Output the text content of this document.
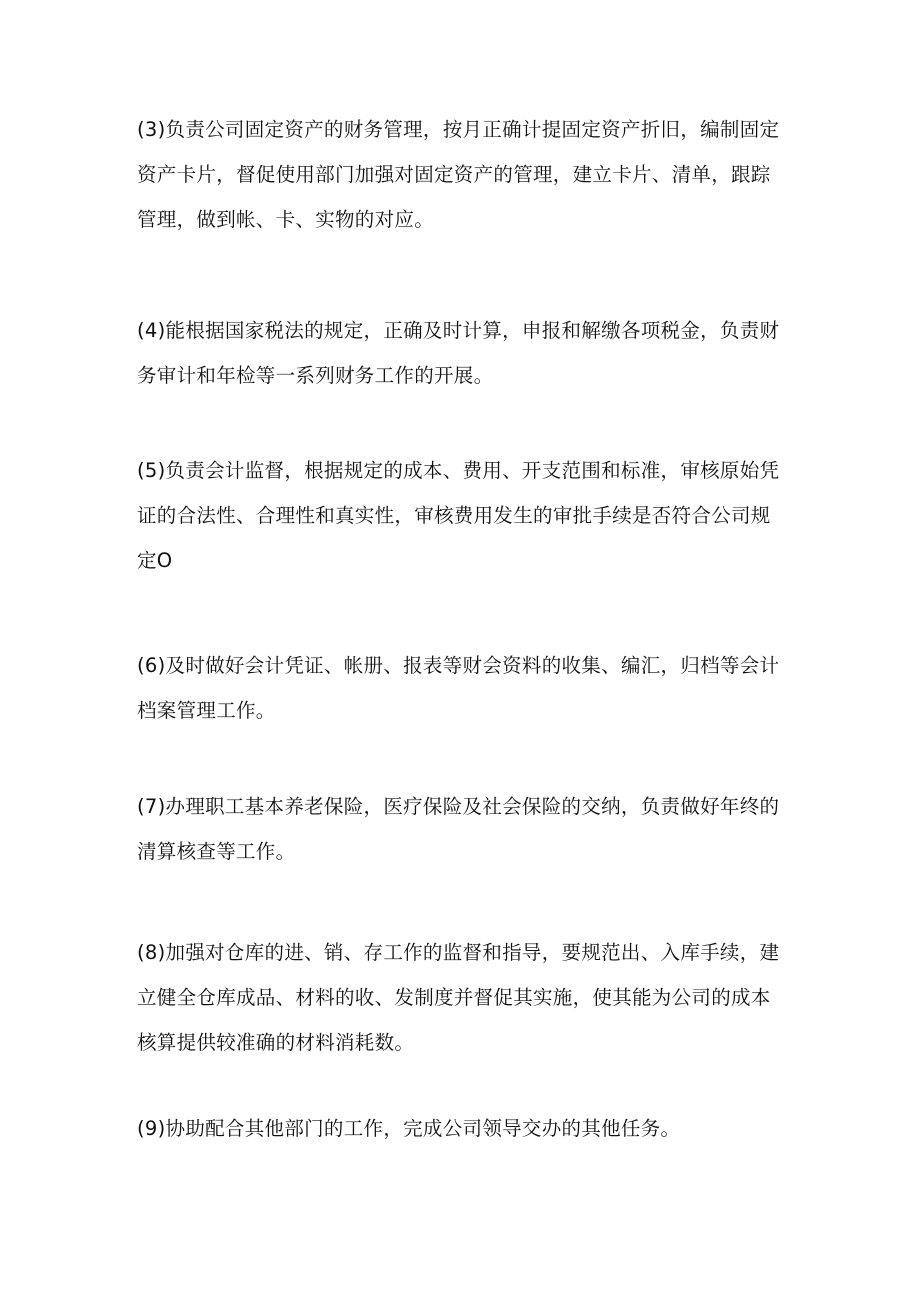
(3)负责公司固定资产的财务管理，按月正确计提固定资产折旧，编制固定
资产卡片，督促使用部门加强对固定资产的管理，建立卡片、清单，跟踪
管理，做到帐、卡、实物的对应。

(4)能根据国家税法的规定，正确及时计算，申报和解缴各项税金，负责财
务审计和年检等一系列财务工作的开展。

(5)负责会计监督，根据规定的成本、费用、开支范围和标准，审核原始凭
证的合法性、合理性和真实性，审核费用发生的审批手续是否符合公司规
定O

(6)及时做好会计凭证、帐册、报表等财会资料的收集、编汇，归档等会计
档案管理工作。

(7)办理职工基本养老保险，医疗保险及社会保险的交纳，负责做好年终的
清算核查等工作。

(8)加强对仓库的进、销、存工作的监督和指导，要规范出、入库手续，建
立健全仓库成品、材料的收、发制度并督促其实施，使其能为公司的成本
核算提供较准确的材料消耗数。

(9)协助配合其他部门的工作，完成公司领导交办的其他任务。
